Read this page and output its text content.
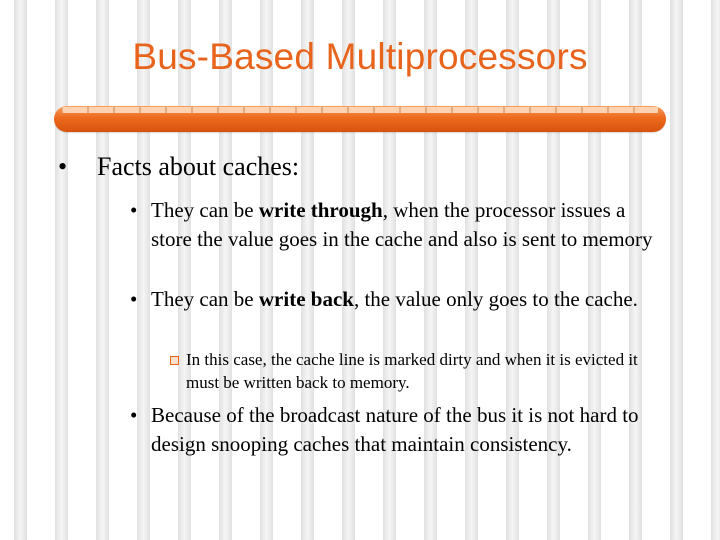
Bus-Based Multiprocessors
• Facts about caches:
• They can be write through, when the processor issues a store the value goes in the cache and also is sent to memory
• They can be write back, the value only goes to the cache.
In this case, the cache line is marked dirty and when it is evicted it must be written back to memory.
• Because of the broadcast nature of the bus it is not hard to design snooping caches that maintain consistency.
